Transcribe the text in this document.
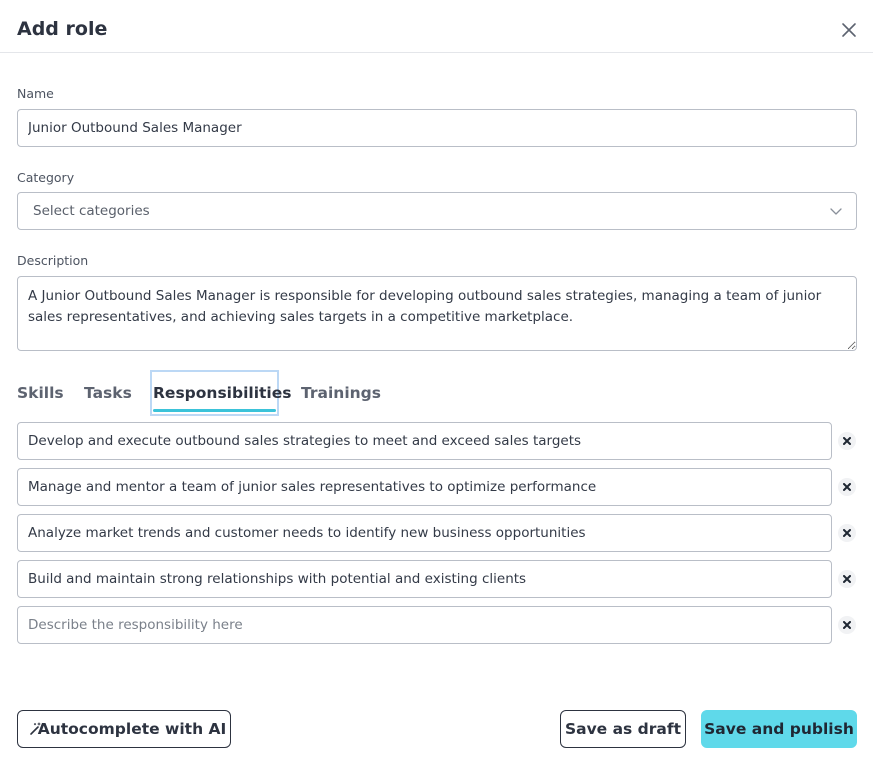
Add role
Name
Junior Outbound Sales Manager
Category
Select categories
Description
A Junior Outbound Sales Manager is responsible for developing outbound sales strategies, managing a team of junior sales representatives, and achieving sales targets in a competitive marketplace.
Skills Tasks Responsibilities Trainings
Develop and execute outbound sales strategies to meet and exceed sales targets
Manage and mentor a team of junior sales representatives to optimize performance
Analyze market trends and customer needs to identify new business opportunities
Build and maintain strong relationships with potential and existing clients
Describe the responsibility here
Autocomplete with AI	Save as draft	Save and publish
